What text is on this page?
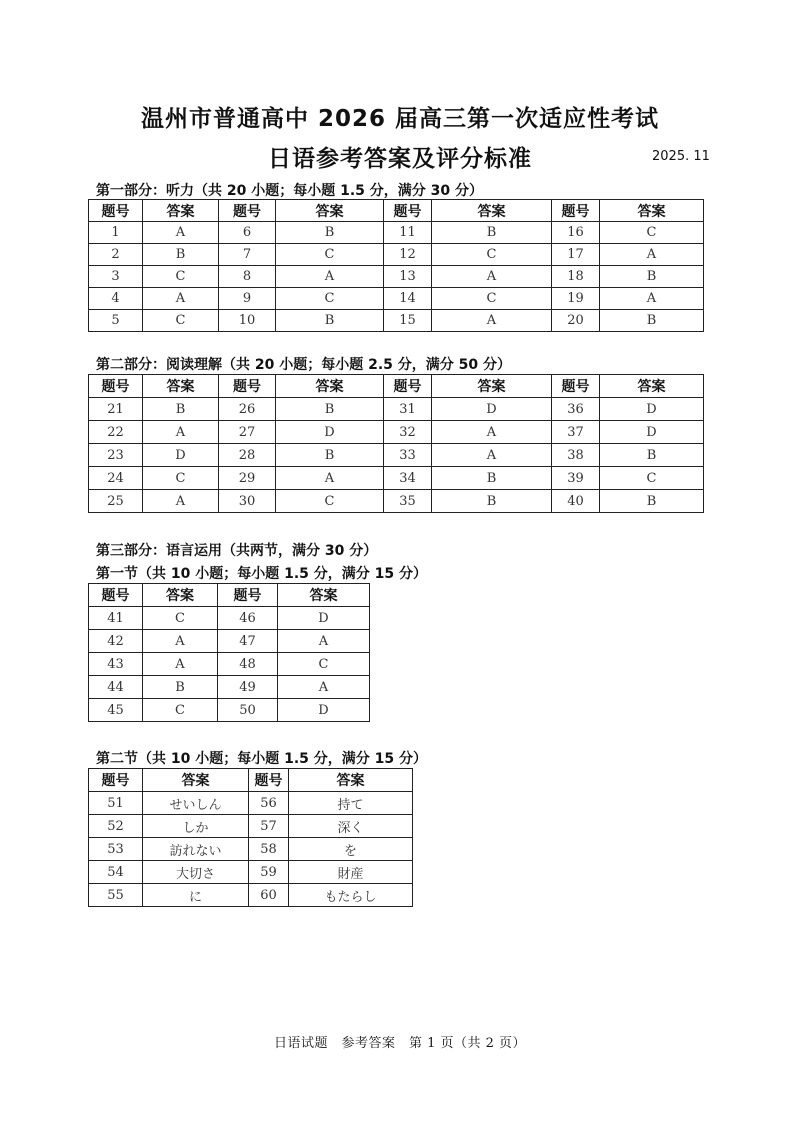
温州市普通高中 2026 届高三第一次适应性考试
日语参考答案及评分标准	2025. 11
第一部分：听力（共 20 小题；每小题 1.5 分，满分 30 分）
题号	答案	题号	答案	题号	答案	题号	答案
1	A	6	B	11	B	16	C
2	B	7	C	12	C	17	A
3	C	8	A	13	A	18	B
4	A	9	C	14	C	19	A
5	C	10	B	15	A	20	B
第二部分：阅读理解（共 20 小题；每小题 2.5 分，满分 50 分）
题号	答案	题号	答案	题号	答案	题号	答案
21	B	26	B	31	D	36	D
22	A	27	D	32	A	37	D
23	D	28	B	33	A	38	B
24	C	29	A	34	B	39	C
25	A	30	C	35	B	40	B
第三部分：语言运用（共两节，满分 30 分）
第一节（共 10 小题；每小题 1.5 分，满分 15 分）
题号	答案	题号	答案
41	C	46	D
42	A	47	A
43	A	48	C
44	B	49	A
45	C	50	D
第二节（共 10 小题；每小题 1.5 分，满分 15 分）
题号	答案	题号	答案
51	せいしん	56	持て
52	しか	57	深く
53	訪れない	58	を
54	大切さ	59	財産
55	に	60	もたらし
日语试题　参考答案　第 1 页（共 2 页）
